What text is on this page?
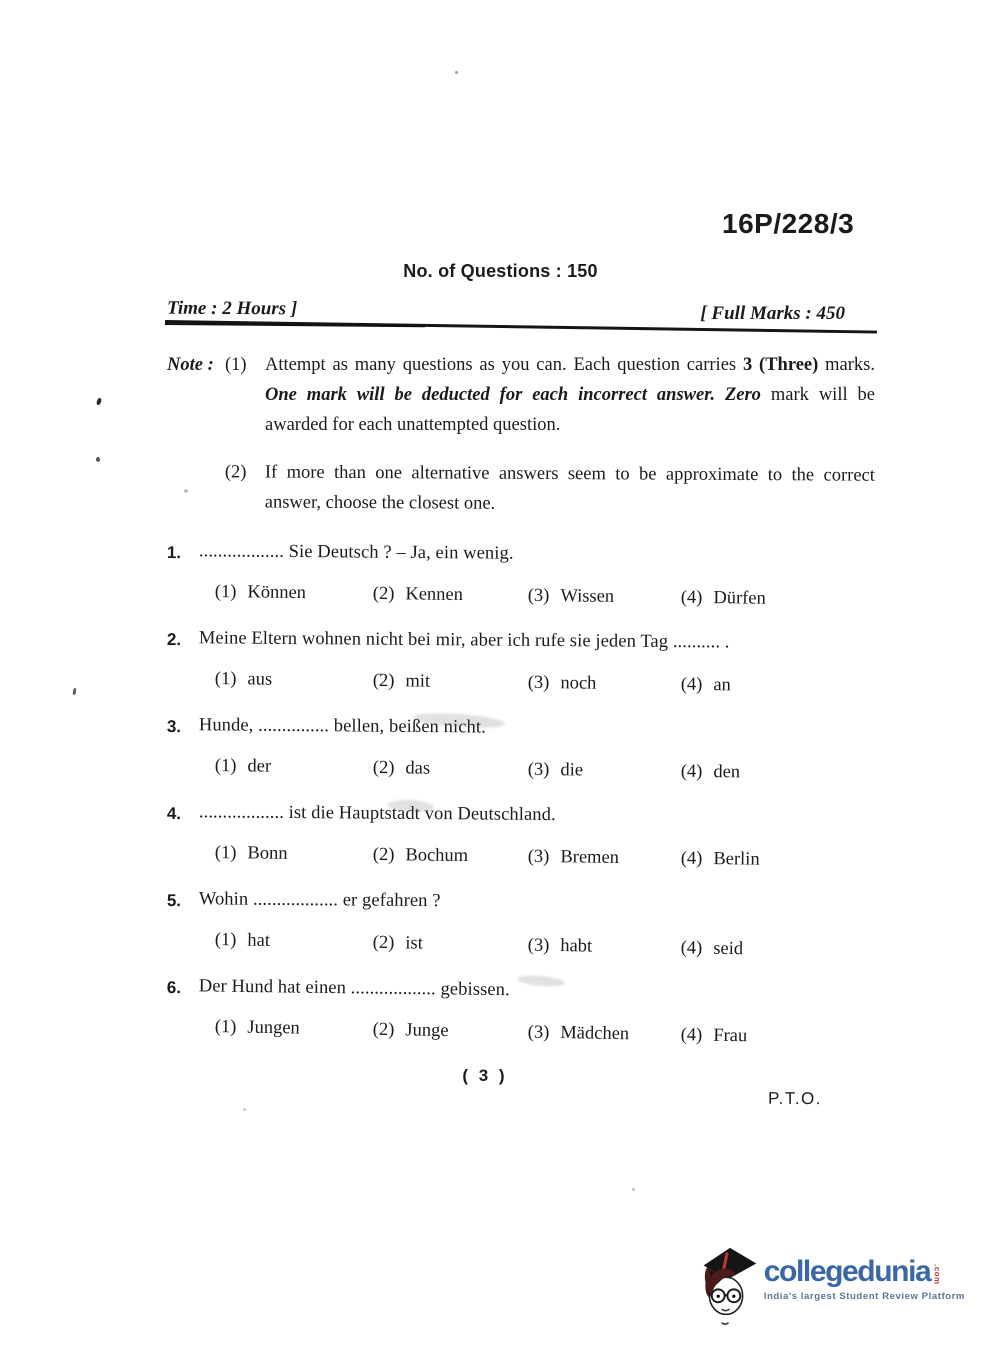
16P/228/3
No. of Questions : 150
Time : 2 Hours ]	[ Full Marks : 450
Note : (1) Attempt as many questions as you can. Each question carries 3 (Three) marks. One mark will be deducted for each incorrect answer. Zero mark will be awarded for each unattempted question.
(2) If more than one alternative answers seem to be approximate to the correct answer, choose the closest one.
1. .................. Sie Deutsch ? – Ja, ein wenig.
(1) Können	(2) Kennen	(3) Wissen	(4) Dürfen
2. Meine Eltern wohnen nicht bei mir, aber ich rufe sie jeden Tag .......... .
(1) aus	(2) mit	(3) noch	(4) an
3. Hunde, ............... bellen, beißen nicht.
(1) der	(2) das	(3) die	(4) den
4. .................. ist die Hauptstadt von Deutschland.
(1) Bonn	(2) Bochum	(3) Bremen	(4) Berlin
5. Wohin .................. er gefahren ?
(1) hat	(2) ist	(3) habt	(4) seid
6. Der Hund hat einen .................. gebissen.
(1) Jungen	(2) Junge	(3) Mädchen	(4) Frau
( 3 )
P.T.O.
collegedunia .com
India's largest Student Review Platform
